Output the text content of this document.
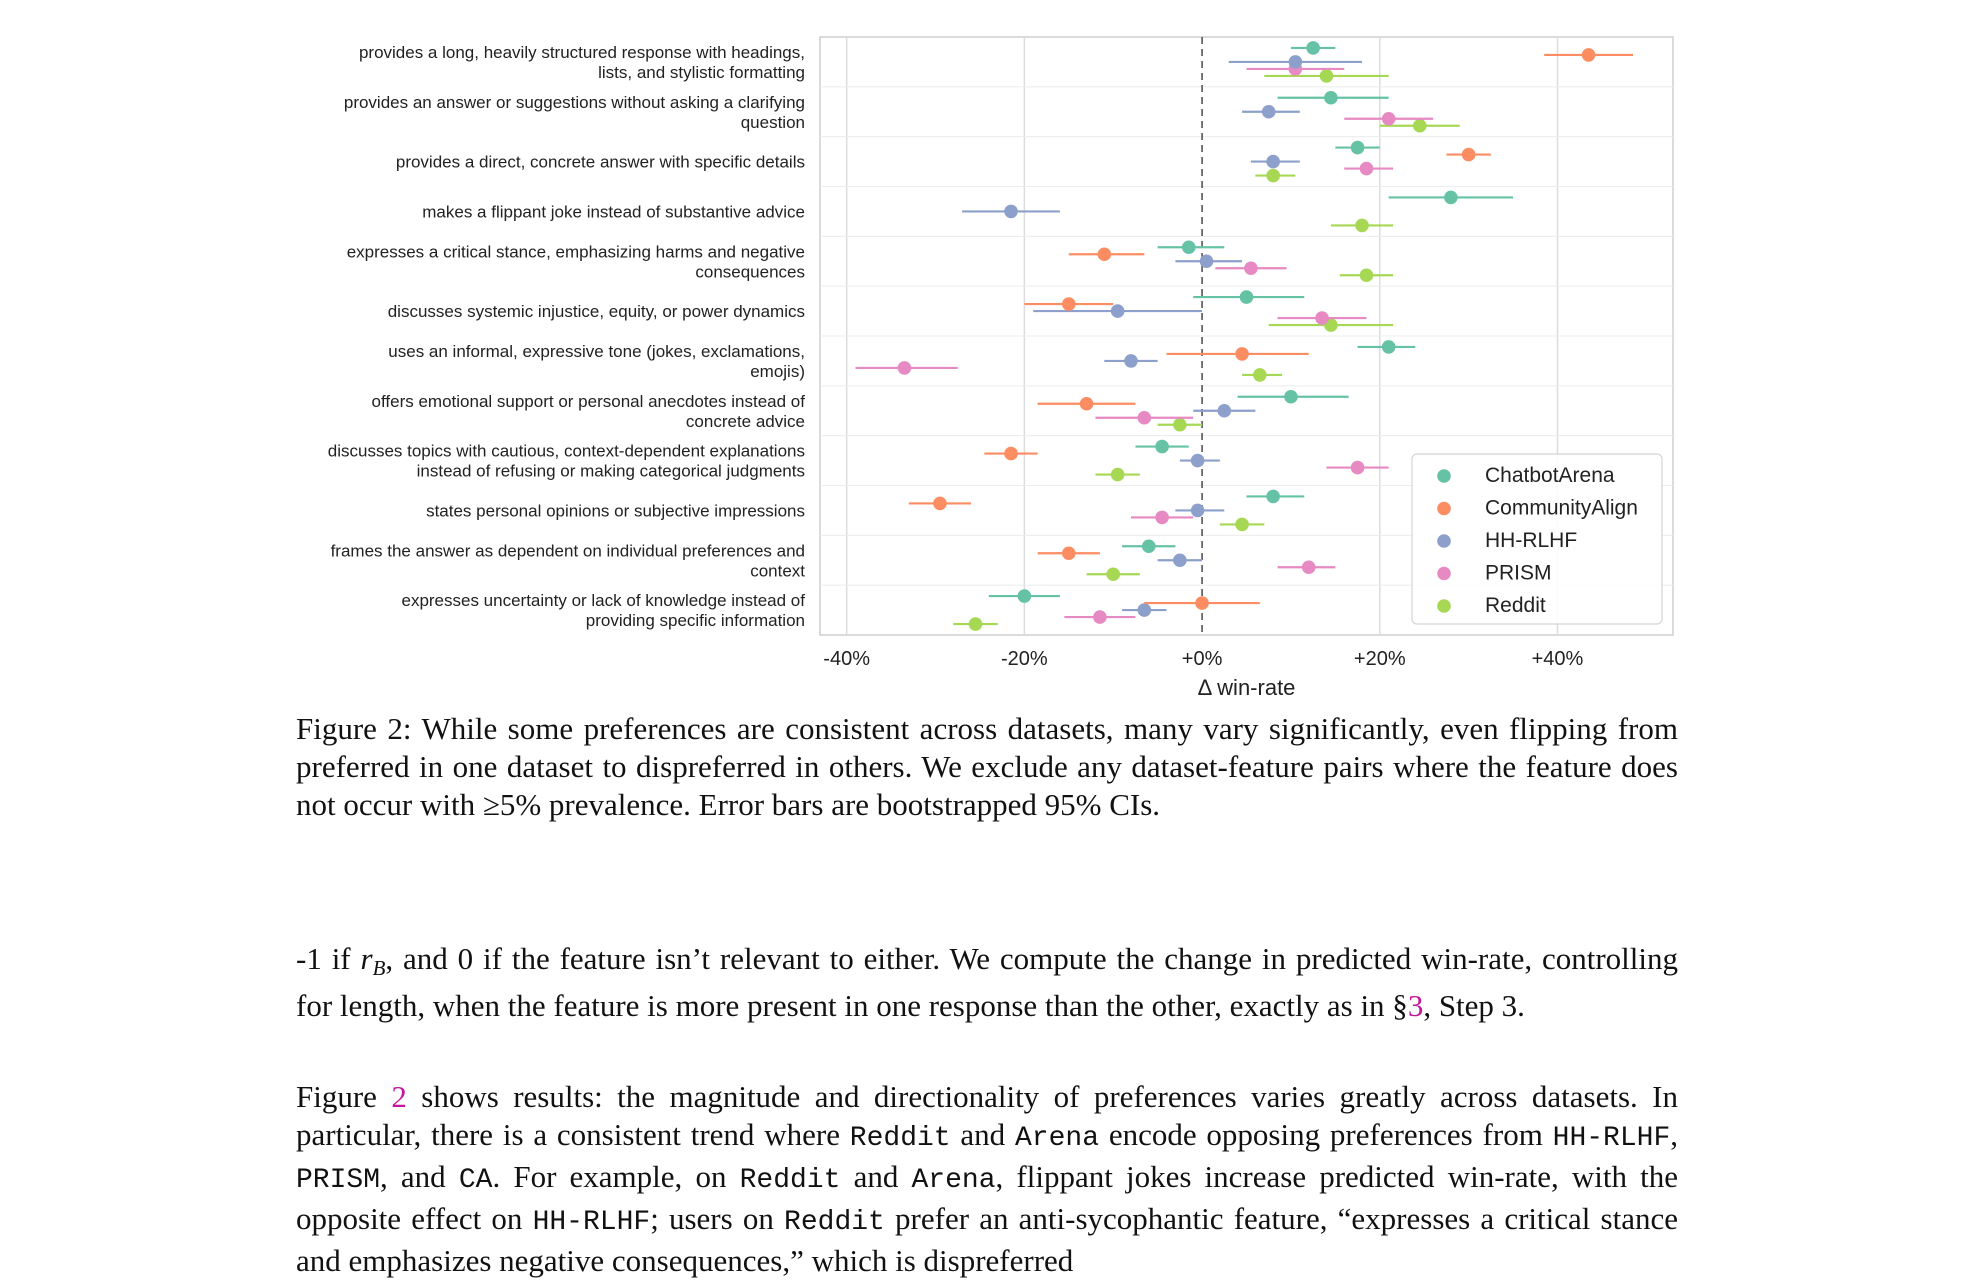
-40%	-20%	+0%	+20%	+40%
Δ win-rate
provides a long, heavily structured response with headings,
lists, and stylistic formatting
provides an answer or suggestions without asking a clarifying
question
provides a direct, concrete answer with specific details
makes a flippant joke instead of substantive advice
expresses a critical stance, emphasizing harms and negative
consequences
discusses systemic injustice, equity, or power dynamics
uses an informal, expressive tone (jokes, exclamations,
emojis)
offers emotional support or personal anecdotes instead of
concrete advice
discusses topics with cautious, context-dependent explanations
instead of refusing or making categorical judgments
states personal opinions or subjective impressions
frames the answer as dependent on individual preferences and
context
expresses uncertainty or lack of knowledge instead of
providing specific information
ChatbotArena
CommunityAlign
HH-RLHF
PRISM
Reddit

Figure 2: While some preferences are consistent across datasets, many vary significantly, even flipping from preferred in one dataset to dispreferred in others. We exclude any dataset-feature pairs where the feature does not occur with ≥5% prevalence. Error bars are bootstrapped 95% CIs.

-1 if $r_B$, and 0 if the feature isn’t relevant to either. We compute the change in predicted win-rate, controlling for length, when the feature is more present in one response than the other, exactly as in §3, Step 3.

Figure 2 shows results: the magnitude and directionality of preferences varies greatly across datasets. In particular, there is a consistent trend where Reddit and Arena encode opposing preferences from HH-RLHF, PRISM, and CA. For example, on Reddit and Arena, flippant jokes increase predicted win-rate, with the opposite effect on HH-RLHF; users on Reddit prefer an anti-sycophantic feature, “expresses a critical stance and emphasizes negative consequences,” which is dispreferred
